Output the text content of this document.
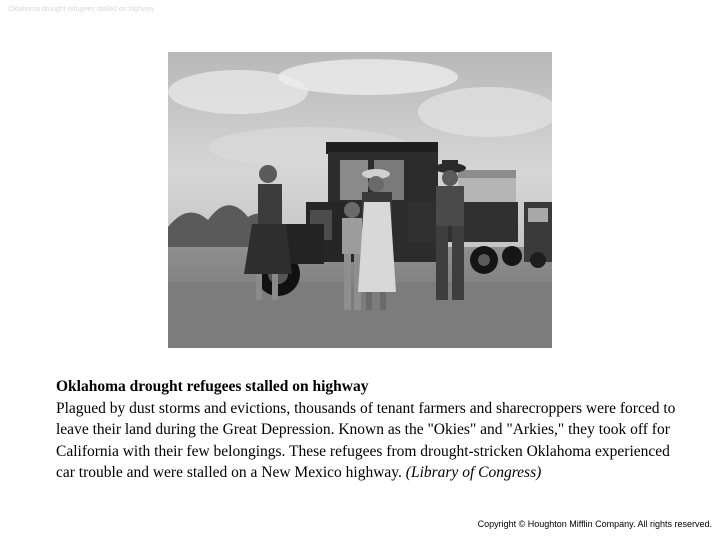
Oklahoma drought refugees stalled on highway
Oklahoma drought refugees stalled on highway
Plagued by dust storms and evictions, thousands of tenant farmers and sharecroppers were forced to leave their land during the Great Depression. Known as the "Okies" and "Arkies," they took off for California with their few belongings. These refugees from drought-stricken Oklahoma experienced car trouble and were stalled on a New Mexico highway. (Library of Congress)
Copyright © Houghton Mifflin Company. All rights reserved.
